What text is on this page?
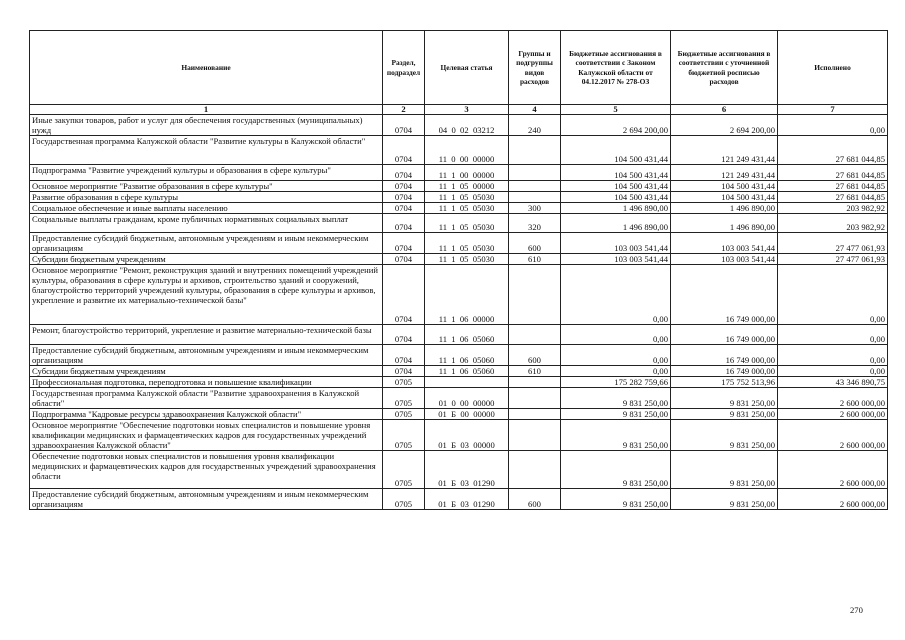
Наименование	Раздел, подраздел	Целевая статья	Группы и подгруппы видов расходов	Бюджетные ассигнования в соответствии с Законом Калужской области от 04.12.2017 № 278-ОЗ	Бюджетные ассигнования в соответствии с уточненной бюджетной росписью расходов	Исполнено
1	2	3	4	5	6	7
Иные закупки товаров, работ и услуг для обеспечения государственных (муниципальных) нужд	0704	04  0  02  03212	240	2 694 200,00	2 694 200,00	0,00
Государственная программа Калужской области "Развитие культуры в Калужской области"	0704	11  0  00  00000		104 500 431,44	121 249 431,44	27 681 044,85
Подпрограмма "Развитие учреждений культуры и образования в сфере культуры"	0704	11  1  00  00000		104 500 431,44	121 249 431,44	27 681 044,85
Основное мероприятие "Развитие образования в сфере культуры"	0704	11  1  05  00000		104 500 431,44	104 500 431,44	27 681 044,85
Развитие образования в сфере культуры	0704	11  1  05  05030		104 500 431,44	104 500 431,44	27 681 044,85
Социальное обеспечение и иные выплаты населению	0704	11  1  05  05030	300	1 496 890,00	1 496 890,00	203 982,92
Социальные выплаты гражданам, кроме публичных нормативных социальных выплат	0704	11  1  05  05030	320	1 496 890,00	1 496 890,00	203 982,92
Предоставление субсидий бюджетным, автономным учреждениям и иным некоммерческим организациям	0704	11  1  05  05030	600	103 003 541,44	103 003 541,44	27 477 061,93
Субсидии бюджетным учреждениям	0704	11  1  05  05030	610	103 003 541,44	103 003 541,44	27 477 061,93
Основное мероприятие "Ремонт, реконструкция зданий и внутренних помещений учреждений культуры, образования в сфере культуры и архивов, строительство зданий и сооружений, благоустройство территорий учреждений культуры, образования в сфере культуры и архивов, укрепление и развитие их материально-технической базы"	0704	11  1  06  00000		0,00	16 749 000,00	0,00
Ремонт, благоустройство территорий, укрепление и развитие материально-технической базы	0704	11  1  06  05060		0,00	16 749 000,00	0,00
Предоставление субсидий бюджетным, автономным учреждениям и иным некоммерческим организациям	0704	11  1  06  05060	600	0,00	16 749 000,00	0,00
Субсидии бюджетным учреждениям	0704	11  1  06  05060	610	0,00	16 749 000,00	0,00
Профессиональная подготовка, переподготовка и повышение квалификации	0705			175 282 759,66	175 752 513,96	43 346 890,75
Государственная программа Калужской области "Развитие здравоохранения в Калужской области"	0705	01  0  00  00000		9 831 250,00	9 831 250,00	2 600 000,00
Подпрограмма "Кадровые ресурсы здравоохранения Калужской области"	0705	01  Б  00  00000		9 831 250,00	9 831 250,00	2 600 000,00
Основное мероприятие "Обеспечение подготовки новых специалистов и повышение уровня квалификации медицинских и фармацевтических кадров для государственных учреждений здравоохранения Калужской области"	0705	01  Б  03  00000		9 831 250,00	9 831 250,00	2 600 000,00
Обеспечение подготовки новых специалистов и повышения уровня квалификации медицинских и фармацевтических кадров для государственных учреждений здравоохранения области	0705	01  Б  03  01290		9 831 250,00	9 831 250,00	2 600 000,00
Предоставление субсидий бюджетным, автономным учреждениям и иным некоммерческим организациям	0705	01  Б  03  01290	600	9 831 250,00	9 831 250,00	2 600 000,00
270
